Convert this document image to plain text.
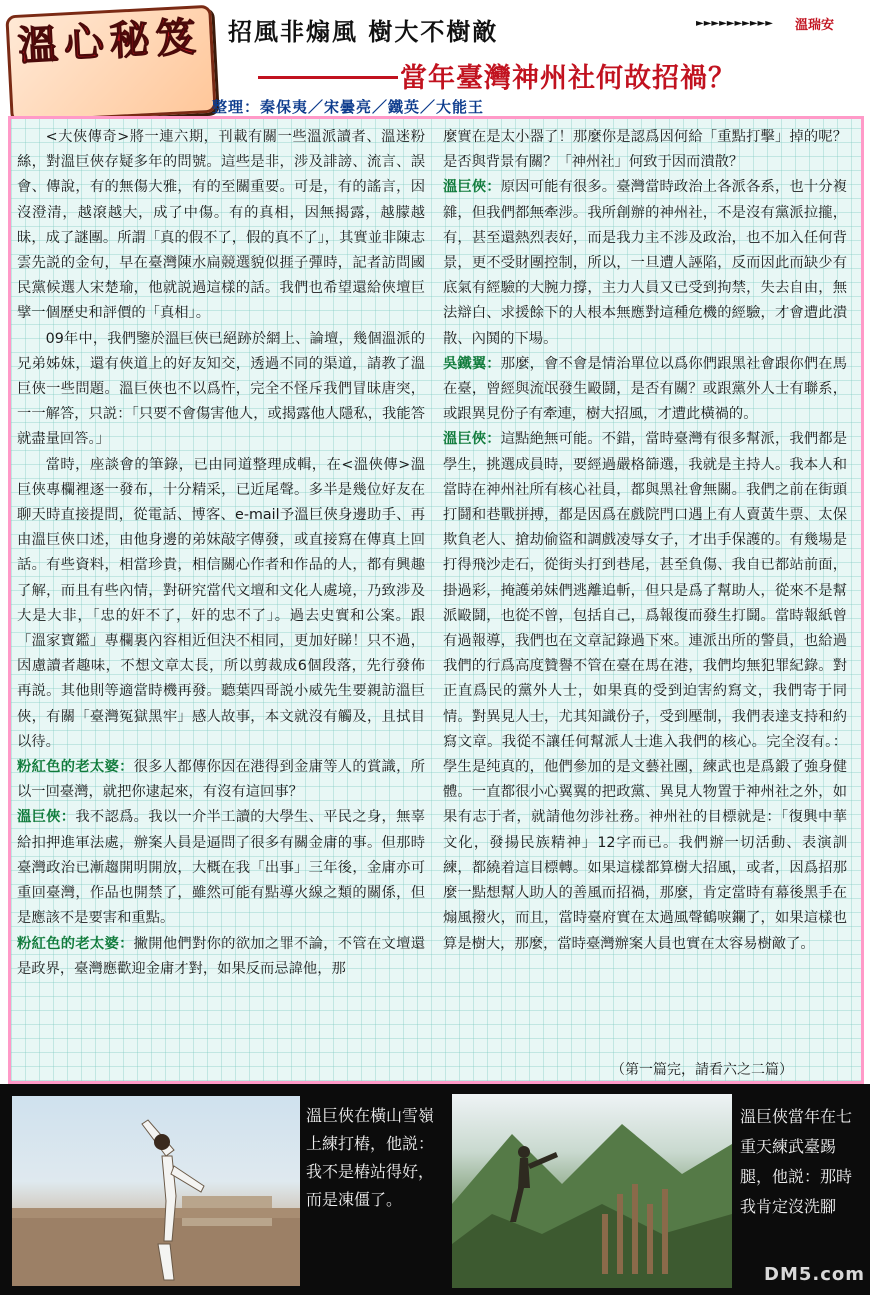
溫心秘笈	招風非煽風 樹大不樹敵	►►►►►►►►►► 溫瑞安
當年臺灣神州社何故招禍？
整理：秦保夷／宋曇亮／鐵英／大能王

<大俠傳奇>將一連六期，刊載有關一些溫派讀者、溫迷粉絲，對溫巨俠存疑多年的問號。這些是非，涉及誹謗、流言、誤會、傳說，有的無傷大雅，有的至關重要。可是，有的謠言，因沒澄清，越滾越大，成了中傷。有的真相，因無揭露，越朦越昧，成了謎團。所謂「真的假不了，假的真不了」，其實並非陳志雲先説的金句，早在臺灣陳水扁競選貌似捱子彈時，記者訪問國民黨候選人宋楚瑜，他就説過這樣的話。我們也希望還給俠壇巨擘一個歷史和評價的「真相」。

09年中，我們鑒於溫巨俠已絕跡於網上、論壇，幾個溫派的兄弟姊妹，還有俠道上的好友知交，透過不同的渠道，請教了溫巨俠一些問題。溫巨俠也不以爲忤，完全不怪斥我們冒昧唐突，一一解答，只説：「只要不會傷害他人，或揭露他人隱私，我能答就盡量回答。」

當時，座談會的筆錄，已由同道整理成輯，在<溫俠傳>溫巨俠專欄裡逐一發布，十分精采，已近尾聲。多半是幾位好友在聊天時直接提問，從電話、博客、e-mail予溫巨俠身邊助手、再由溫巨俠口述，由他身邊的弟妹敲字傳發，或直接寫在傳真上回話。有些資料，相當珍貴，相信關心作者和作品的人，都有興趣了解，而且有些內情，對研究當代文壇和文化人處境，乃致涉及大是大非，「忠的奸不了，奸的忠不了」。過去史實和公案。跟「溫家寶鑑」專欄裏內容相近但決不相同，更加好睇！只不過，因慮讀者趣味，不想文章太長，所以剪裁成6個段落，先行發佈再説。其他則等適當時機再發。聽葉四哥説小威先生要親訪溫巨俠，有關「臺灣冤獄黑牢」感人故事，本文就沒有觸及，且拭目以待。

粉紅色的老太婆：很多人都傳你因在港得到金庸等人的賞識，所以一回臺灣，就把你逮起來，有沒有這回事？

溫巨俠：我不認爲。我以一介半工讀的大學生、平民之身，無辜給扣押進軍法處，辦案人員是逼問了很多有關金庸的事。但那時臺灣政治已漸趨開明開放，大概在我「出事」三年後，金庸亦可重回臺灣，作品也開禁了，雖然可能有點導火線之類的關係，但是應該不是要害和重點。

粉紅色的老太婆：撇開他們對你的欲加之罪不論，不管在文壇還是政界，臺灣應歡迎金庸才對，如果反而忌諱他，那

麼實在是太小器了！那麼你是認爲因何給「重點打擊」掉的呢？是否與背景有關？「神州社」何致于因而潰散？

溫巨俠：原因可能有很多。臺灣當時政治上各派各系，也十分複雜，但我們都無牽涉。我所創辦的神州社，不是沒有黨派拉攏，有，甚至還熱烈表好，而是我力主不涉及政治，也不加入任何背景，更不受財團控制，所以，一旦遭人誣陷，反而因此而缺少有底氣有經驗的大腕力撐，主力人員又已受到拘禁，失去自由，無法辯白、求援餘下的人根本無應對這種危機的經驗，才會遭此潰散、內鬨的下場。

吳鐵翼：那麼，會不會是情治單位以爲你們跟黑社會跟你們在馬在臺，曾經與流氓發生毆鬪，是否有關？或跟黨外人士有聯系，或跟異見份子有牽連，樹大招風，才遭此橫禍的。

溫巨俠：這點絶無可能。不錯，當時臺灣有很多幫派，我們都是學生，挑選成員時，要經過嚴格篩選，我就是主持人。我本人和當時在神州社所有核心社員，都與黑社會無關。我們之前在街頭打鬪和巷戰拼搏，都是因爲在戲院門口遇上有人賣黃牛票、太保欺負老人、搶劫偷盜和調戲凌辱女子，才出手保護的。有幾場是打得飛沙走石，從街头打到巷尾，甚至負傷、我自已都站前面，掛過彩，掩護弟妹們逃離追斬，但只是爲了幫助人，從來不是幫派毆鬪，也從不曾，包括自己，爲報復而發生打鬪。當時報紙曾有過報導，我們也在文章記錄過下來。連派出所的警員，也給過我們的行爲高度贊譽不管在臺在馬在港，我們均無犯罪紀錄。對正直爲民的黨外人士，如果真的受到迫害約寫文，我們寄于同情。對異見人士，尤其知識份子，受到壓制，我們表達支持和約寫文章。我從不讓任何幫派人士進入我們的核心。完全沒有。：學生是纯真的，他們參加的是文藝社團，練武也是爲鍛了強身健體。一直都很小心翼翼的把政黨、異見人物置于神州社之外，如果有志于者，就請他勿涉社務。神州社的目標就是：「復興中華文化，發揚民族精神」12字而已。我們辦一切活動、表演訓練，都繞着這目標轉。如果這樣都算樹大招風，或者，因爲招那麼一點想幫人助人的善風而招禍，那麼，肯定當時有幕後黑手在煽風撥火，而且，當時臺府實在太過風聲鶴唳鑭了，如果這樣也算是樹大，那麼，當時臺灣辦案人員也實在太容易樹敵了。

（第一篇完，請看六之二篇）
溫巨俠在橫山雪嶺上練打樁，他説：我不是樁站得好，而是凍僵了。
溫巨俠當年在七重天練武臺踢腿，他説：那時我肯定沒洗腳
DM5.com
